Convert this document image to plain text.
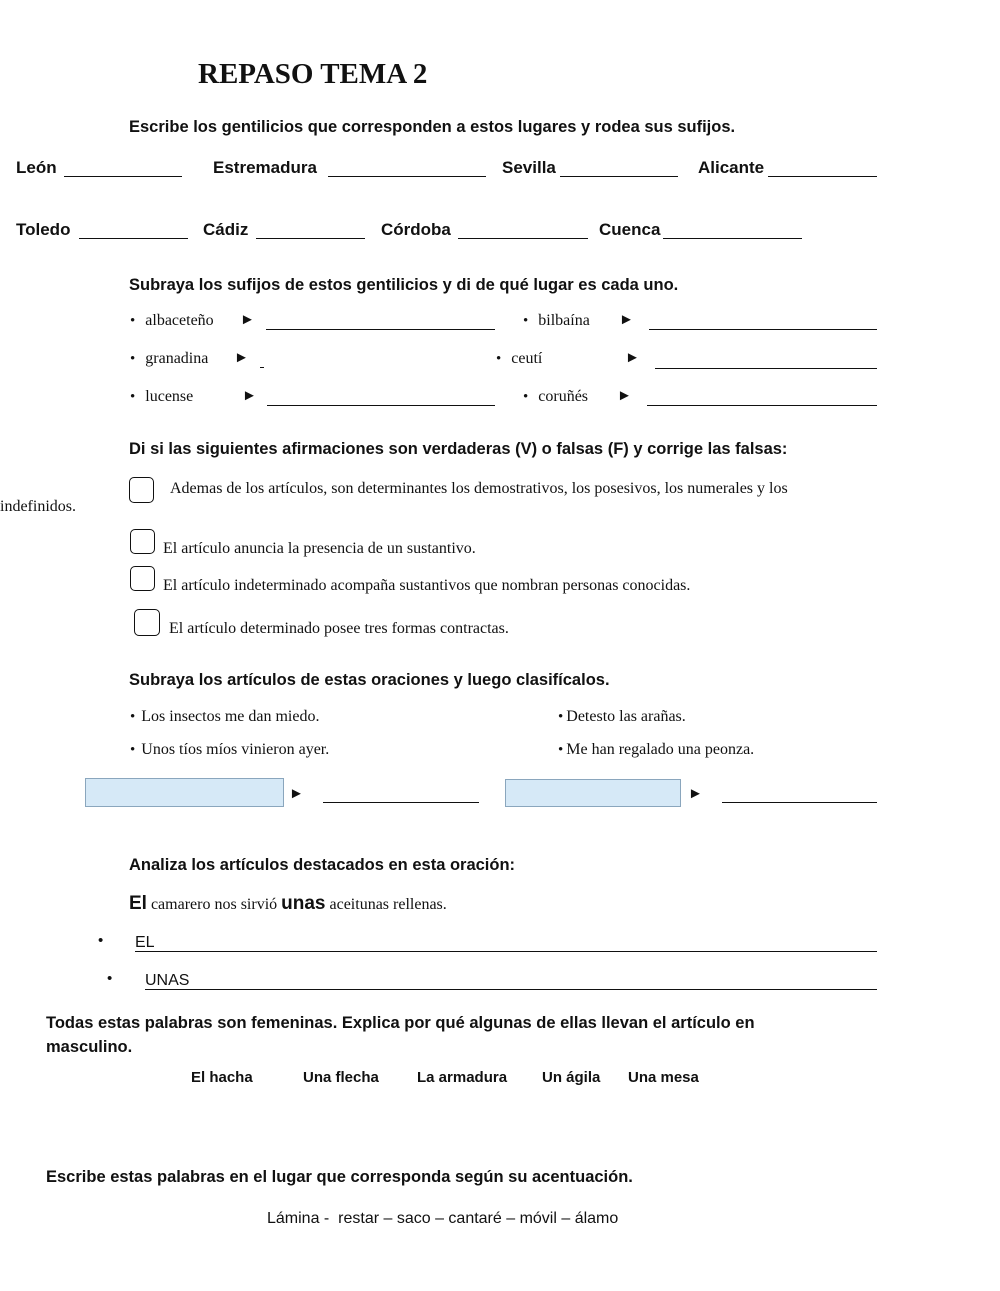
REPASO TEMA 2
Escribe los gentilicios que corresponden a estos lugares y rodea sus sufijos.
León	Estremadura	Sevilla	Alicante
Toledo	Cádiz	Córdoba	Cuenca
Subraya los sufijos de estos gentilicios y di de qué lugar es cada uno.
• albaceteño ►	• bilbaína ►
• granadina ►	• ceutí	►
• lucense	►	• coruñés ►
Di si las siguientes afirmaciones son verdaderas (V) o falsas (F) y corrige las falsas:
Ademas de los artículos, son determinantes los demostrativos, los posesivos, los numerales y los
indefinidos.
El artículo anuncia la presencia de un sustantivo.
El artículo indeterminado acompaña sustantivos que nombran personas conocidas.
El artículo determinado posee tres formas contractas.
Subraya los artículos de estas oraciones y luego clasifícalos.
• Los insectos me dan miedo.	• Detesto las arañas.
• Unos tíos míos vinieron ayer.	• Me han regalado una peonza.
►	►
Analiza los artículos destacados en esta oración:
El camarero nos sirvió unas aceitunas rellenas.
• EL
• UNAS
Todas estas palabras son femeninas. Explica por qué algunas de ellas llevan el artículo en
masculino.
El hacha	Una flecha	La armadura Un ágila Una mesa
Escribe estas palabras en el lugar que corresponda según su acentuación.
Lámina -  restar – saco – cantaré – móvil – álamo
